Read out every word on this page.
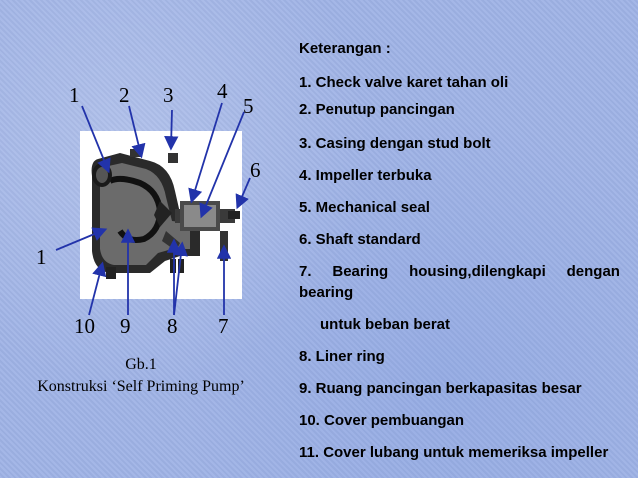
1 2 3 4
5
6
1
10 9 8 7
Gb.1
Konstruksi ‘Self Priming Pump’
Keterangan :
1. Check valve karet tahan oli
2. Penutup pancingan
3. Casing dengan stud bolt
4. Impeller terbuka
5. Mechanical seal
6. Shaft standard
7. Bearing housing,dilengkapi dengan
bearing
untuk beban berat
8. Liner ring
9. Ruang pancingan berkapasitas besar
10. Cover pembuangan
11. Cover lubang untuk memeriksa impeller
